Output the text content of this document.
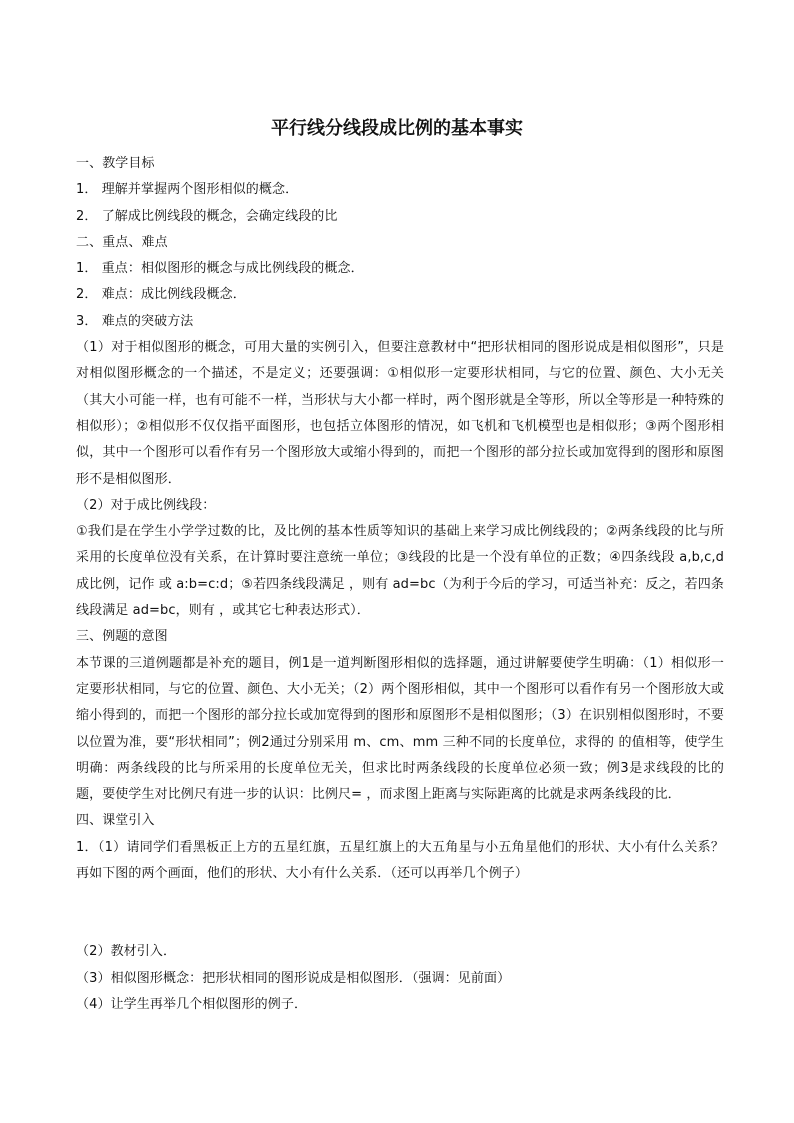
平行线分线段成比例的基本事实

一、教学目标

1． 理解并掌握两个图形相似的概念．

2． 了解成比例线段的概念，会确定线段的比

二、重点、难点

1． 重点：相似图形的概念与成比例线段的概念．

2． 难点：成比例线段概念．

3． 难点的突破方法

（1）对于相似图形的概念，可用大量的实例引入，但要注意教材中“把形状相同的图形说成是相似图形”，只是对相似图形概念的一个描述，不是定义；还要强调：①相似形一定要形状相同，与它的位置、颜色、大小无关（其大小可能一样，也有可能不一样，当形状与大小都一样时，两个图形就是全等形，所以全等形是一种特殊的相似形）；②相似形不仅仅指平面图形，也包括立体图形的情况，如飞机和飞机模型也是相似形；③两个图形相似，其中一个图形可以看作有另一个图形放大或缩小得到的，而把一个图形的部分拉长或加宽得到的图形和原图形不是相似图形．

（2）对于成比例线段：

①我们是在学生小学学过数的比，及比例的基本性质等知识的基础上来学习成比例线段的；②两条线段的比与所采用的长度单位没有关系，在计算时要注意统一单位；③线段的比是一个没有单位的正数；④四条线段 a,b,c,d 成比例，记作 或 a:b=c:d；⑤若四条线段满足 ，则有 ad=bc（为利于今后的学习，可适当补充：反之，若四条线段满足 ad=bc，则有 ，或其它七种表达形式）．

三、例题的意图

本节课的三道例题都是补充的题目，例1是一道判断图形相似的选择题，通过讲解要使学生明确：（1）相似形一定要形状相同，与它的位置、颜色、大小无关；（2）两个图形相似，其中一个图形可以看作有另一个图形放大或缩小得到的，而把一个图形的部分拉长或加宽得到的图形和原图形不是相似图形；（3）在识别相似图形时，不要以位置为准，要“形状相同”；例2通过分别采用 m、cm、mm 三种不同的长度单位，求得的 的值相等，使学生明确：两条线段的比与所采用的长度单位无关，但求比时两条线段的长度单位必须一致；例3是求线段的比的题，要使学生对比例尺有进一步的认识：比例尺= ，而求图上距离与实际距离的比就是求两条线段的比．

四、课堂引入

1．（1）请同学们看黑板正上方的五星红旗，五星红旗上的大五角星与小五角星他们的形状、大小有什么关系？再如下图的两个画面，他们的形状、大小有什么关系．（还可以再举几个例子）

（2）教材引入．

（3）相似图形概念：把形状相同的图形说成是相似图形．（强调：见前面）

（4）让学生再举几个相似图形的例子．
